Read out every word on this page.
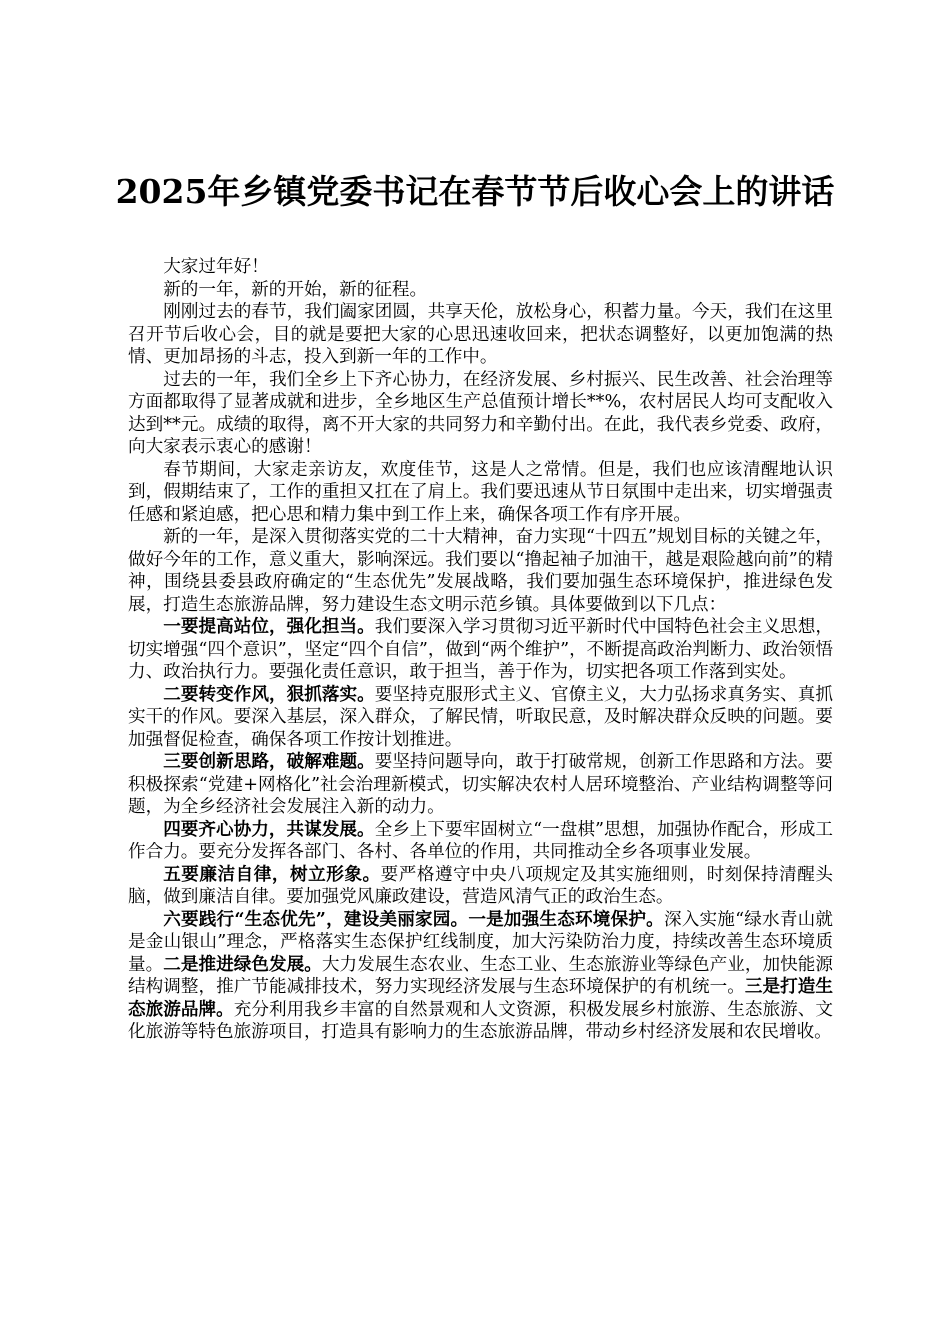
2025年乡镇党委书记在春节节后收心会上的讲话

大家过年好！

新的一年，新的开始，新的征程。

刚刚过去的春节，我们阖家团圆，共享天伦，放松身心，积蓄力量。今天，我们在这里召开节后收心会，目的就是要把大家的心思迅速收回来，把状态调整好，以更加饱满的热情、更加昂扬的斗志，投入到新一年的工作中。

过去的一年，我们全乡上下齐心协力，在经济发展、乡村振兴、民生改善、社会治理等方面都取得了显著成就和进步，全乡地区生产总值预计增长**%，农村居民人均可支配收入达到**元。成绩的取得，离不开大家的共同努力和辛勤付出。在此，我代表乡党委、政府，向大家表示衷心的感谢！

春节期间，大家走亲访友，欢度佳节，这是人之常情。但是，我们也应该清醒地认识到，假期结束了，工作的重担又扛在了肩上。我们要迅速从节日氛围中走出来，切实增强责任感和紧迫感，把心思和精力集中到工作上来，确保各项工作有序开展。

新的一年，是深入贯彻落实党的二十大精神，奋力实现“十四五”规划目标的关键之年，做好今年的工作，意义重大，影响深远。我们要以“撸起袖子加油干，越是艰险越向前”的精神，围绕县委县政府确定的“生态优先”发展战略，我们要加强生态环境保护，推进绿色发展，打造生态旅游品牌，努力建设生态文明示范乡镇。具体要做到以下几点：

一要提高站位，强化担当。我们要深入学习贯彻习近平新时代中国特色社会主义思想，切实增强“四个意识”，坚定“四个自信”，做到“两个维护”，不断提高政治判断力、政治领悟力、政治执行力。要强化责任意识，敢于担当，善于作为，切实把各项工作落到实处。

二要转变作风，狠抓落实。要坚持克服形式主义、官僚主义，大力弘扬求真务实、真抓实干的作风。要深入基层，深入群众，了解民情，听取民意，及时解决群众反映的问题。要加强督促检查，确保各项工作按计划推进。

三要创新思路，破解难题。要坚持问题导向，敢于打破常规，创新工作思路和方法。要积极探索“党建+网格化”社会治理新模式，切实解决农村人居环境整治、产业结构调整等问题，为全乡经济社会发展注入新的动力。

四要齐心协力，共谋发展。全乡上下要牢固树立“一盘棋”思想，加强协作配合，形成工作合力。要充分发挥各部门、各村、各单位的作用，共同推动全乡各项事业发展。

五要廉洁自律，树立形象。要严格遵守中央八项规定及其实施细则，时刻保持清醒头脑，做到廉洁自律。要加强党风廉政建设，营造风清气正的政治生态。

六要践行“生态优先”，建设美丽家园。一是加强生态环境保护。深入实施“绿水青山就是金山银山”理念，严格落实生态保护红线制度，加大污染防治力度，持续改善生态环境质量。二是推进绿色发展。大力发展生态农业、生态工业、生态旅游业等绿色产业，加快能源结构调整，推广节能减排技术，努力实现经济发展与生态环境保护的有机统一。三是打造生态旅游品牌。充分利用我乡丰富的自然景观和人文资源，积极发展乡村旅游、生态旅游、文化旅游等特色旅游项目，打造具有影响力的生态旅游品牌，带动乡村经济发展和农民增收。
